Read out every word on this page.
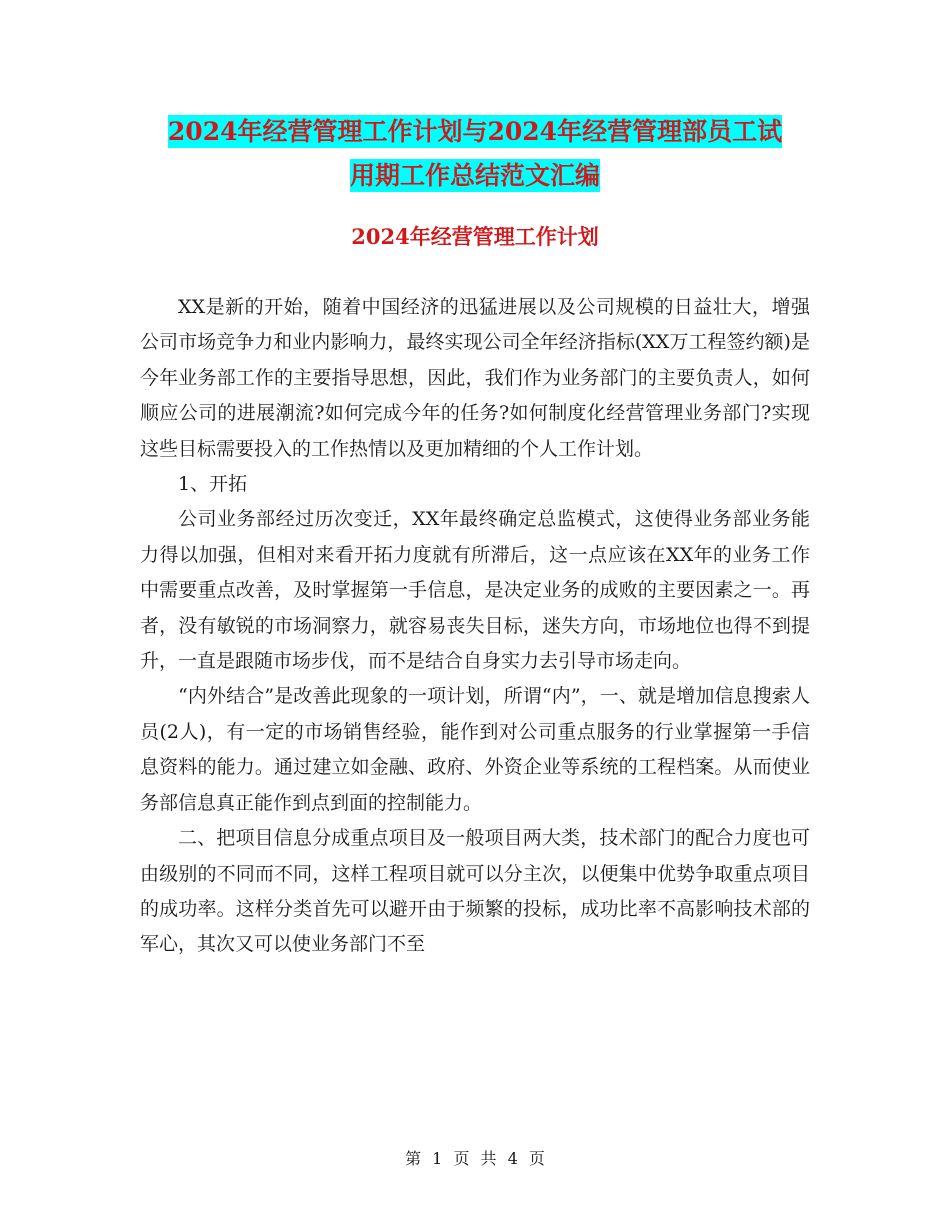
2024年经营管理工作计划与2024年经营管理部员工试
用期工作总结范文汇编
2024年经营管理工作计划

XX是新的开始，随着中国经济的迅猛进展以及公司规模的日益壮大，增强公司市场竞争力和业内影响力，最终实现公司全年经济指标(XX万工程签约额)是今年业务部工作的主要指导思想，因此，我们作为业务部门的主要负责人，如何顺应公司的进展潮流?如何完成今年的任务?如何制度化经营管理业务部门?实现这些目标需要投入的工作热情以及更加精细的个人工作计划。

1、开拓

公司业务部经过历次变迁，XX年最终确定总监模式，这使得业务部业务能力得以加强，但相对来看开拓力度就有所滞后，这一点应该在XX年的业务工作中需要重点改善，及时掌握第一手信息，是决定业务的成败的主要因素之一。再者，没有敏锐的市场洞察力，就容易丧失目标，迷失方向，市场地位也得不到提升，一直是跟随市场步伐，而不是结合自身实力去引导市场走向。

“内外结合”是改善此现象的一项计划，所谓“内”，一、就是增加信息搜索人员(2人)，有一定的市场销售经验，能作到对公司重点服务的行业掌握第一手信息资料的能力。通过建立如金融、政府、外资企业等系统的工程档案。从而使业务部信息真正能作到点到面的控制能力。

二、把项目信息分成重点项目及一般项目两大类，技术部门的配合力度也可由级别的不同而不同，这样工程项目就可以分主次，以便集中优势争取重点项目的成功率。这样分类首先可以避开由于频繁的投标，成功比率不高影响技术部的军心，其次又可以使业务部门不至

第 1 页 共 4 页
